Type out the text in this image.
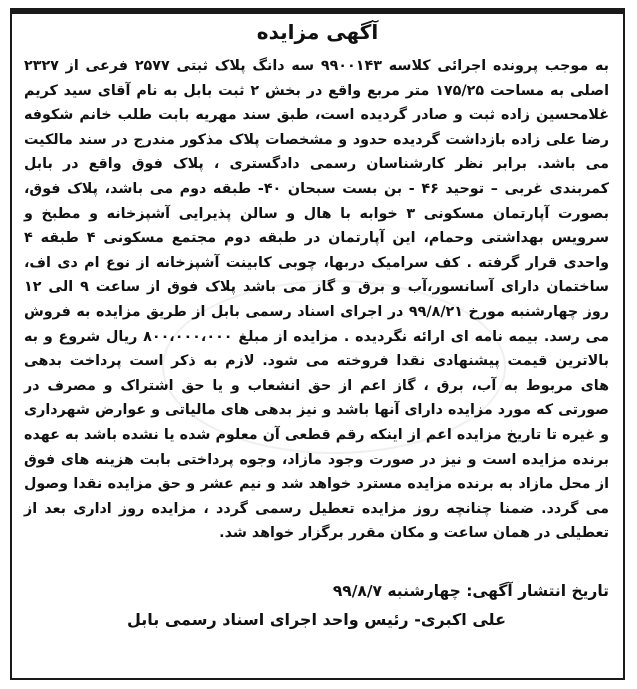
آگهی مزایده
به موجب پرونده اجرائی کلاسه ۹۹۰۰۱۴۳ سه دانگ پلاک ثبتی ۲۵۷۷ فرعی از ۲۳۲۷ اصلی به مساحت ۱۷۵/۲۵ متر مربع واقع در بخش ۲ ثبت بابل به نام آقای سید کریم غلامحسین زاده ثبت و صادر گردیده است، طبق سند مهریه بابت طلب خانم شکوفه رضا علی زاده بازداشت گردیده حدود و مشخصات پلاک مذکور مندرج در سند مالکیت می باشد. برابر نظر کارشناسان رسمی دادگستری ، پلاک فوق واقع در بابل کمربندی غربی – توحید ۴۶ - بن بست سبحان ۴۰- طبقه دوم می باشد، پلاک فوق، بصورت آپارتمان مسکونی ۳ خوابه با هال و سالن پذیرایی آشپزخانه و مطبخ و سرویس بهداشتی وحمام، این آپارتمان در طبقه دوم مجتمع مسکونی ۴ طبقه ۴ واحدی قرار گرفته . کف سرامیک دربها، چوبی کابینت آشپزخانه از نوع ام دی اف، ساختمان دارای آسانسور،آب و برق و گاز می باشد پلاک فوق از ساعت ۹ الی ۱۲ روز چهارشنبه مورخ ۹۹/۸/۲۱ در اجرای اسناد رسمی بابل از طریق مزایده به فروش می رسد. بیمه نامه ای ارائه نگردیده . مزایده از مبلغ ۸۰۰،۰۰۰،۰۰۰ ریال شروع و به بالاترین قیمت پیشنهادی نقدا فروخته می شود. لازم به ذکر است پرداخت بدهی های مربوط به آب، برق ، گاز اعم از حق انشعاب و یا حق اشتراک و مصرف در صورتی که مورد مزایده دارای آنها باشد و نیز بدهی های مالیاتی و عوارض شهرداری و غیره تا تاریخ مزایده اعم از اینکه رقم قطعی آن معلوم شده یا نشده باشد به عهده برنده مزایده است و نیز در صورت وجود مازاد، وجوه پرداختی بابت هزینه های فوق از محل مازاد به برنده مزایده مسترد خواهد شد و نیم عشر و حق مزایده نقدا وصول می گردد. ضمنا چنانچه روز مزایده تعطیل رسمی گردد ، مزایده روز اداری بعد از تعطیلی در همان ساعت و مکان مقرر برگزار خواهد شد.
تاریخ انتشار آگهی: چهارشنبه ۹۹/۸/۷
علی اکبری- رئیس واحد اجرای اسناد رسمی بابل
